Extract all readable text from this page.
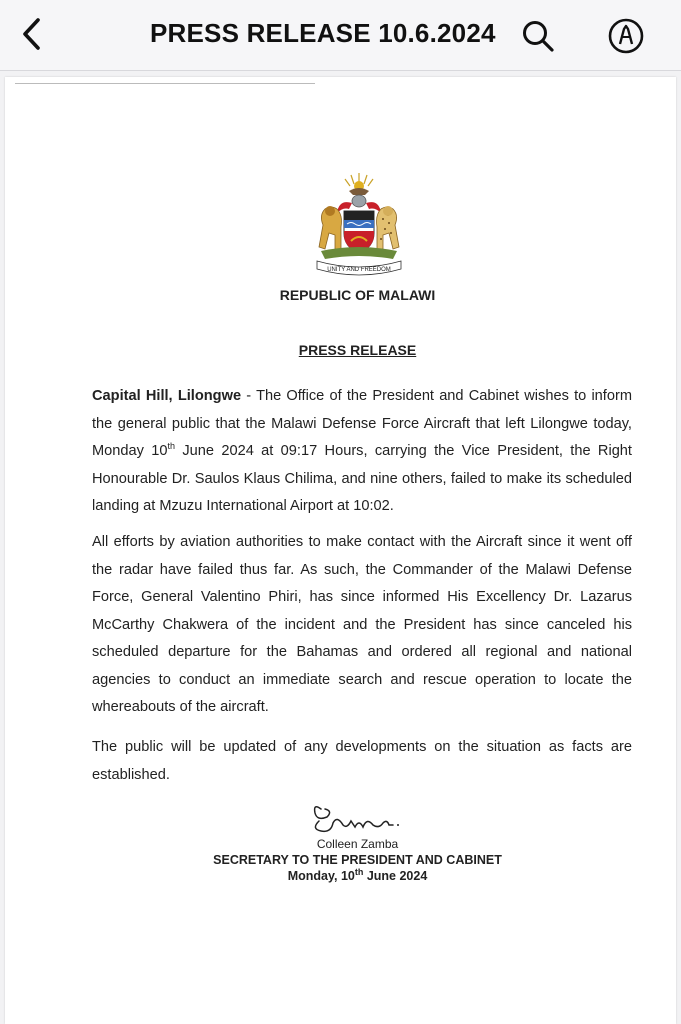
PRESS RELEASE 10.6.2024
UNITY AND FREEDOM
REPUBLIC OF MALAWI
PRESS RELEASE
Capital Hill, Lilongwe - The Office of the President and Cabinet wishes to inform the general public that the Malawi Defense Force Aircraft that left Lilongwe today, Monday 10th June 2024 at 09:17 Hours, carrying the Vice President, the Right Honourable Dr. Saulos Klaus Chilima, and nine others, failed to make its scheduled landing at Mzuzu International Airport at 10:02.
All efforts by aviation authorities to make contact with the Aircraft since it went off the radar have failed thus far. As such, the Commander of the Malawi Defense Force, General Valentino Phiri, has since informed His Excellency Dr. Lazarus McCarthy Chakwera of the incident and the President has since canceled his scheduled departure for the Bahamas and ordered all regional and national agencies to conduct an immediate search and rescue operation to locate the whereabouts of the aircraft.
The public will be updated of any developments on the situation as facts are established.
Colleen Zamba
SECRETARY TO THE PRESIDENT AND CABINET
Monday, 10th June 2024
